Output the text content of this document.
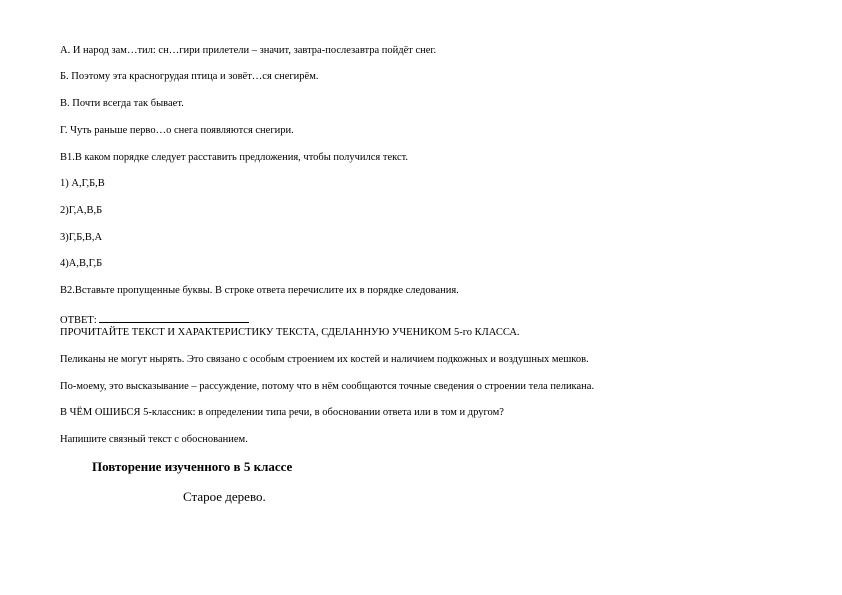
А. И народ зам…тил: сн…гири прилетели – значит, завтра-послезавтра пойдёт снег.
Б. Поэтому эта красногрудая птица и зовёт…ся снегирём.
В. Почти всегда так бывает.
Г. Чуть раньше перво…о снега появляются снегири.
В1.В каком порядке следует расставить предложения, чтобы получился текст.
1) А,Г,Б,В
2)Г,А,В,Б
3)Г,Б,В,А
4)А,В,Г,Б
В2.Вставьте пропущенные буквы. В строке ответа перечислите их в порядке следования.
ОТВЕТ:
ПРОЧИТАЙТЕ ТЕКСТ И ХАРАКТЕРИСТИКУ ТЕКСТА, СДЕЛАННУЮ УЧЕНИКОМ 5-го КЛАССА.
Пеликаны не могут нырять. Это связано с особым строением их костей и наличием подкожных и воздушных мешков.
По-моему, это высказывание – рассуждение, потому что в нём сообщаются точные сведения о строении тела пеликана.
В ЧЁМ ОШИБСЯ 5-классник: в определении типа речи, в обосновании ответа или в том и другом?
Напишите связный текст с обоснованием.
Повторение изученного в 5 классе
Старое дерево.
